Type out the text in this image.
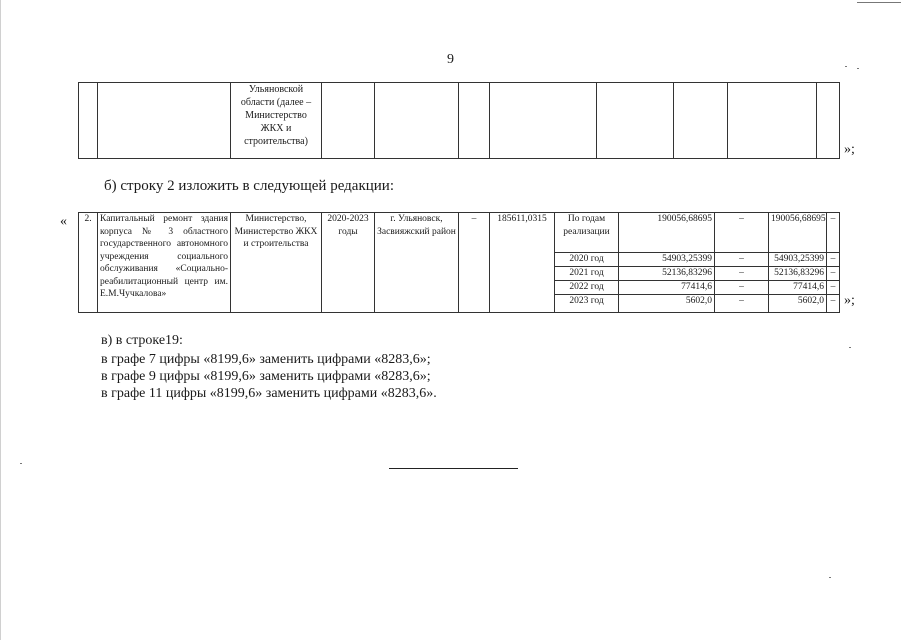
9
		Ульяновской области (далее – Министерство ЖКХ и строительства)								
»;
б) строку 2 изложить в следующей редакции:
« 2.	Капитальный ремонт здания корпуса № 3 областного государственного автономного учреждения социального обслуживания «Социально-реабилитационный центр им. Е.М.Чучкалова»	Министерство, Министерство ЖКХ и строительства	2020-2023 годы	г. Ульяновск, Засвияжский район	–	185611,0315	По годам реализации	190056,68695	–	190056,68695	–
							2020 год	54903,25399	–	54903,25399	–
							2021 год	52136,83296	–	52136,83296	–
							2022 год	77414,6	–	77414,6	–
							2023 год	5602,0	–	5602,0	– »;
в) в строке19:
в графе 7 цифры «8199,6» заменить цифрами «8283,6»;
в графе 9 цифры «8199,6» заменить цифрами «8283,6»;
в графе 11 цифры «8199,6» заменить цифрами «8283,6».
